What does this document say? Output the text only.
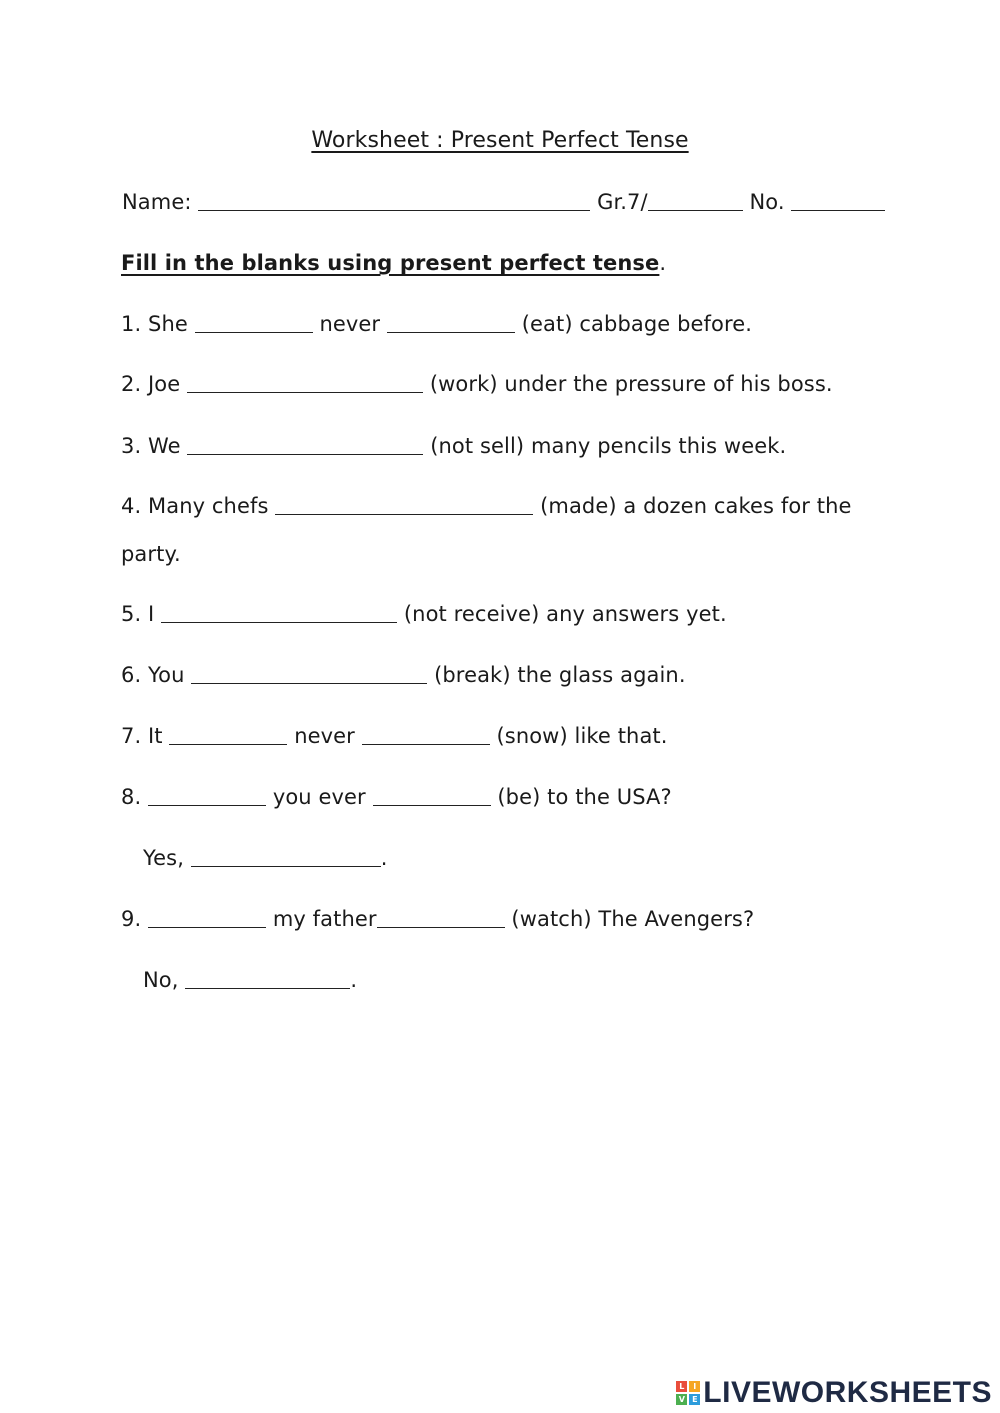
Worksheet : Present Perfect Tense
Name:	Gr.7/	No.
Fill in the blanks using present perfect tense.
1. She	never	(eat) cabbage before.
2. Joe	(work) under the pressure of his boss.
3. We	(not sell) many pencils this week.
4. Many chefs	(made) a dozen cakes for the
party.
5. I	(not receive) any answers yet.
6. You	(break) the glass again.
7. It	never	(snow) like that.
8.	you ever	(be) to the USA?
Yes,	.
9.	my father	(watch) The Avengers?
No,	.
L	I
V E LIVEWORKSHEETS
